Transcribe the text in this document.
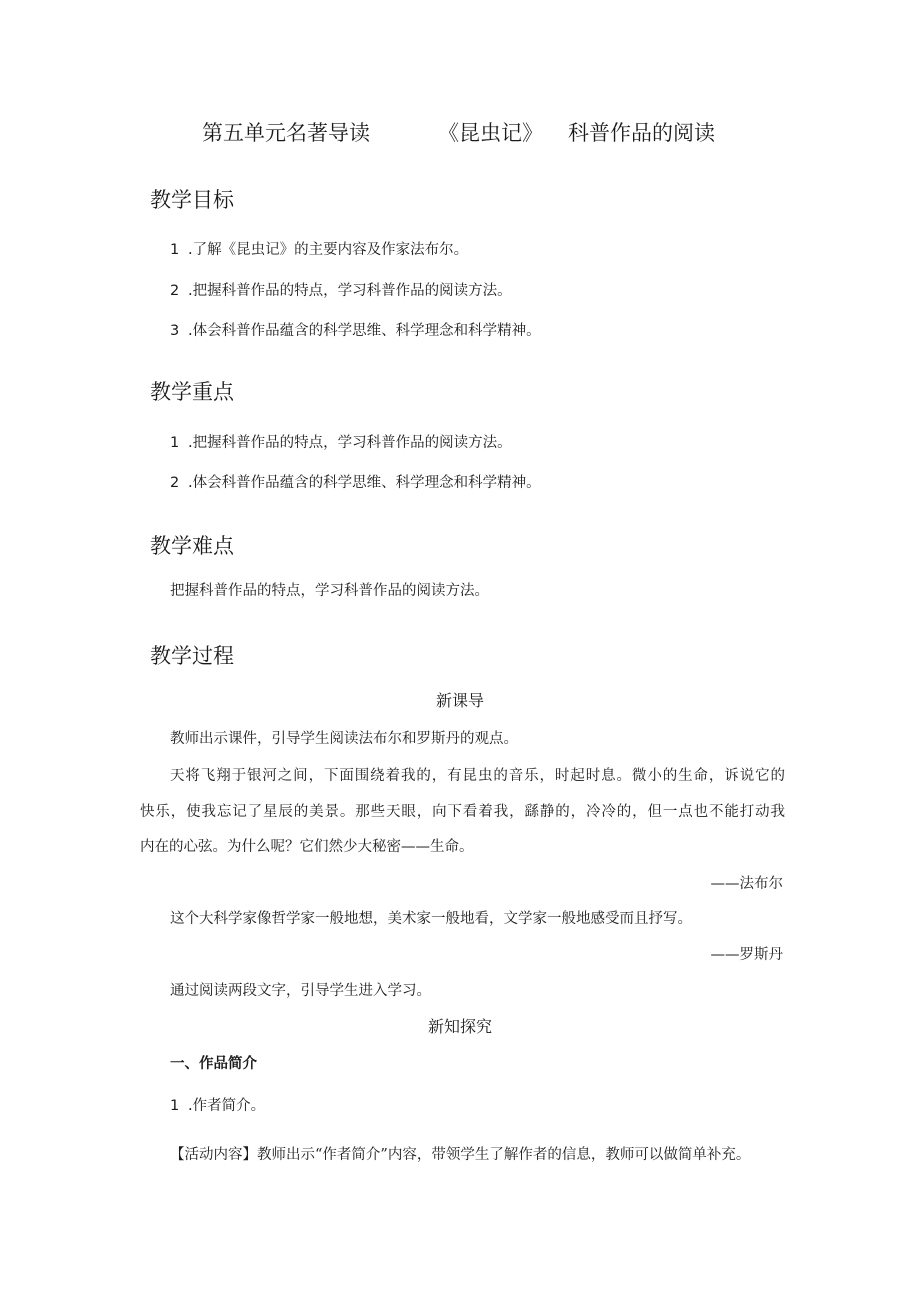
第五单元名著导读	《昆虫记》 科普作品的阅读
教学目标
1 .了解《昆虫记》的主要内容及作家法布尔。
2 .把握科普作品的特点，学习科普作品的阅读方法。
3 .体会科普作品蕴含的科学思维、科学理念和科学精神。
教学重点
1 .把握科普作品的特点，学习科普作品的阅读方法。
2 .体会科普作品蕴含的科学思维、科学理念和科学精神。
教学难点
把握科普作品的特点，学习科普作品的阅读方法。
教学过程
新课导
教师出示课件，引导学生阅读法布尔和罗斯丹的观点。
天将飞翔于银河之间，下面围绕着我的，有昆虫的音乐，时起时息。微小的生命，诉说它的
快乐，使我忘记了星辰的美景。那些天眼，向下看着我，繇静的，冷冷的，但一点也不能打动我
内在的心弦。为什么呢？它们然少大秘密——生命。
——法布尔
这个大科学家像哲学家一般地想，美术家一般地看，文学家一般地感受而且抒写。
——罗斯丹
通过阅读两段文字，引导学生进入学习。
新知探究
一、作品简介
1 .作者简介。
【活动内容】教师出示“作者简介”内容，带领学生了解作者的信息，教师可以做简单补充。
